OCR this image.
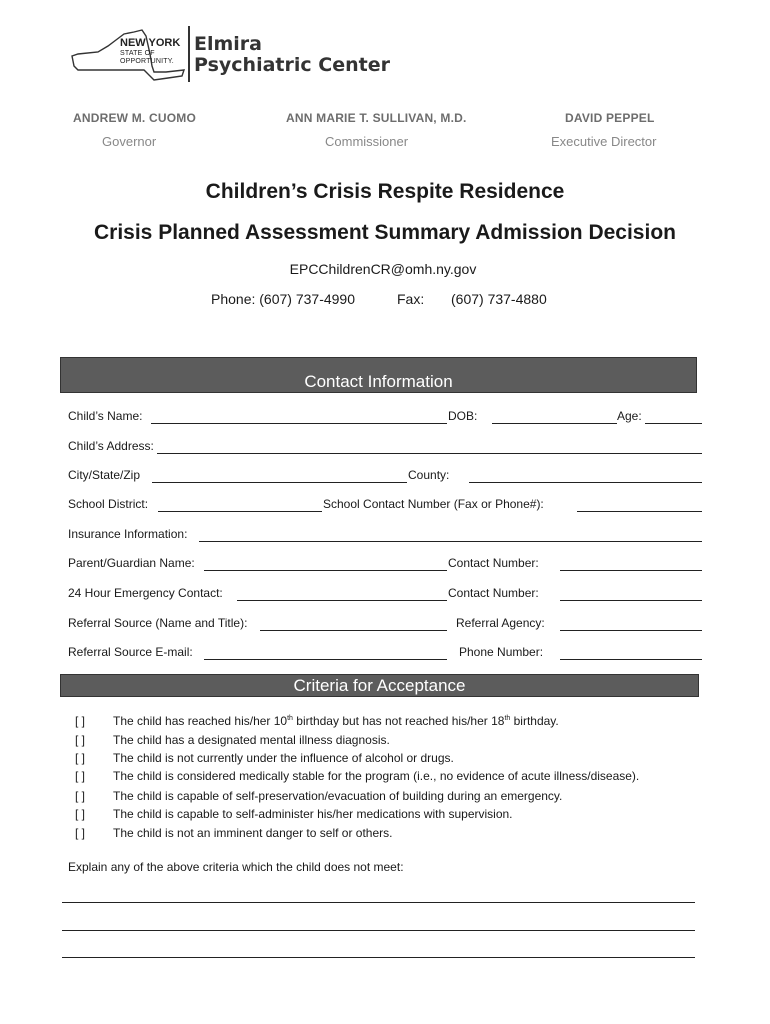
NEW YORK
STATE OF
OPPORTUNITY.
Elmira
Psychiatric Center
ANDREW M. CUOMO
Governor
ANN MARIE T. SULLIVAN, M.D.
Commissioner
DAVID PEPPEL
Executive Director
Children’s Crisis Respite Residence
Crisis Planned Assessment Summary Admission Decision
EPCChildrenCR@omh.ny.gov
Phone: (607) 737-4990	Fax: (607) 737-4880
Contact Information
Child’s Name:	DOB:	Age:
Child’s Address:
City/State/Zip	County:
School District:	School Contact Number (Fax or Phone#):
Insurance Information:
Parent/Guardian Name:	Contact Number:
24 Hour Emergency Contact:	Contact Number:
Referral Source (Name and Title):	Referral Agency:
Referral Source E-mail:	Phone Number:
Criteria for Acceptance
[ ] The child has reached his/her 10th birthday but has not reached his/her 18th birthday.
[ ] The child has a designated mental illness diagnosis.
[ ] The child is not currently under the influence of alcohol or drugs.
[ ] The child is considered medically stable for the program (i.e., no evidence of acute illness/disease).
[ ] The child is capable of self-preservation/evacuation of building during an emergency.
[ ] The child is capable to self-administer his/her medications with supervision.
[ ] The child is not an imminent danger to self or others.
Explain any of the above criteria which the child does not meet:
